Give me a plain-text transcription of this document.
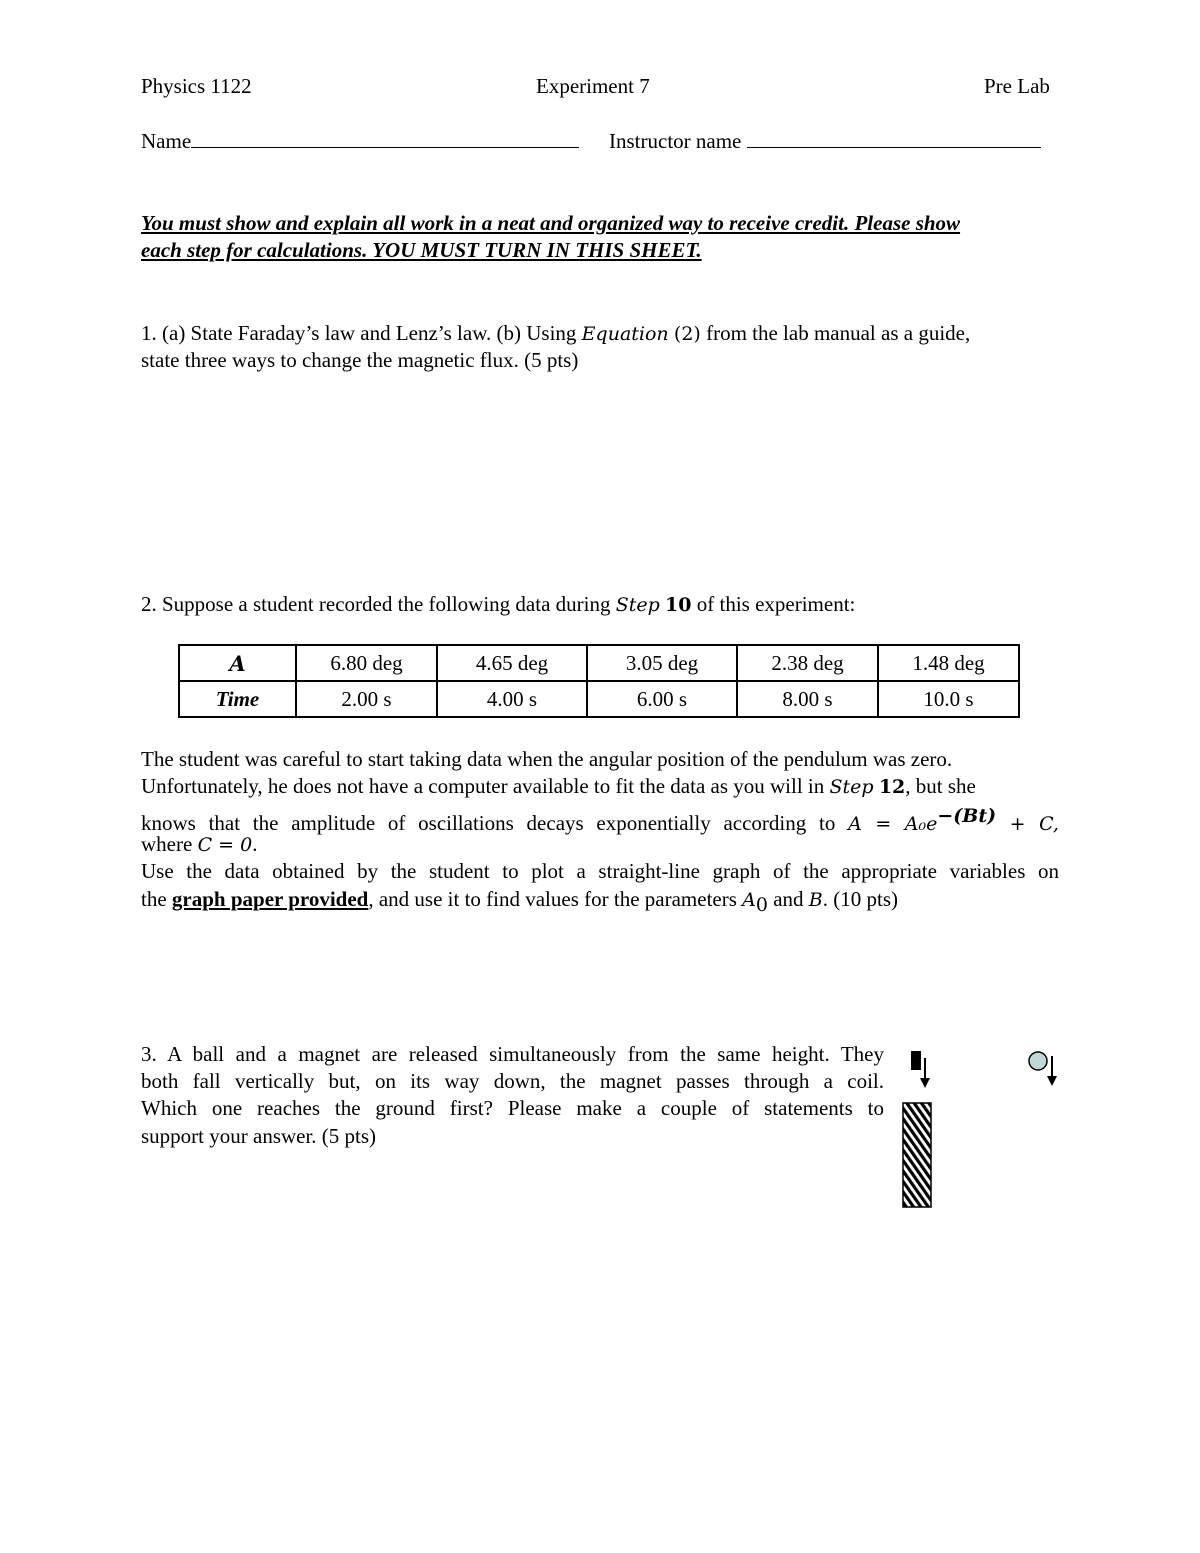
Physics 1122	Experiment 7	Pre Lab
Name	Instructor name
You must show and explain all work in a neat and organized way to receive credit. Please show
each step for calculations. YOU MUST TURN IN THIS SHEET.
1. (a) State Faraday’s law and Lenz’s law. (b) Using Equation (2) from the lab manual as a guide,
state three ways to change the magnetic flux. (5 pts)
2. Suppose a student recorded the following data during Step 10 of this experiment:
A	6.80 deg	4.65 deg	3.05 deg	2.38 deg	1.48 deg
Time	2.00 s	4.00 s	6.00 s	8.00 s	10.0 s
The student was careful to start taking data when the angular position of the pendulum was zero.
Unfortunately, he does not have a computer available to fit the data as you will in Step 12, but she
knows that the amplitude of oscillations decays exponentially according to $A = A_0e^{-(Bt)} + C$,
where C = 0.
Use the data obtained by the student to plot a straight-line graph of the appropriate variables on
the graph paper provided, and use it to find values for the parameters $A_0$ and B. (10 pts)
3. A ball and a magnet are released simultaneously from the same height. They
both fall vertically but, on its way down, the magnet passes through a coil.
Which one reaches the ground first? Please make a couple of statements to
support your answer. (5 pts)
